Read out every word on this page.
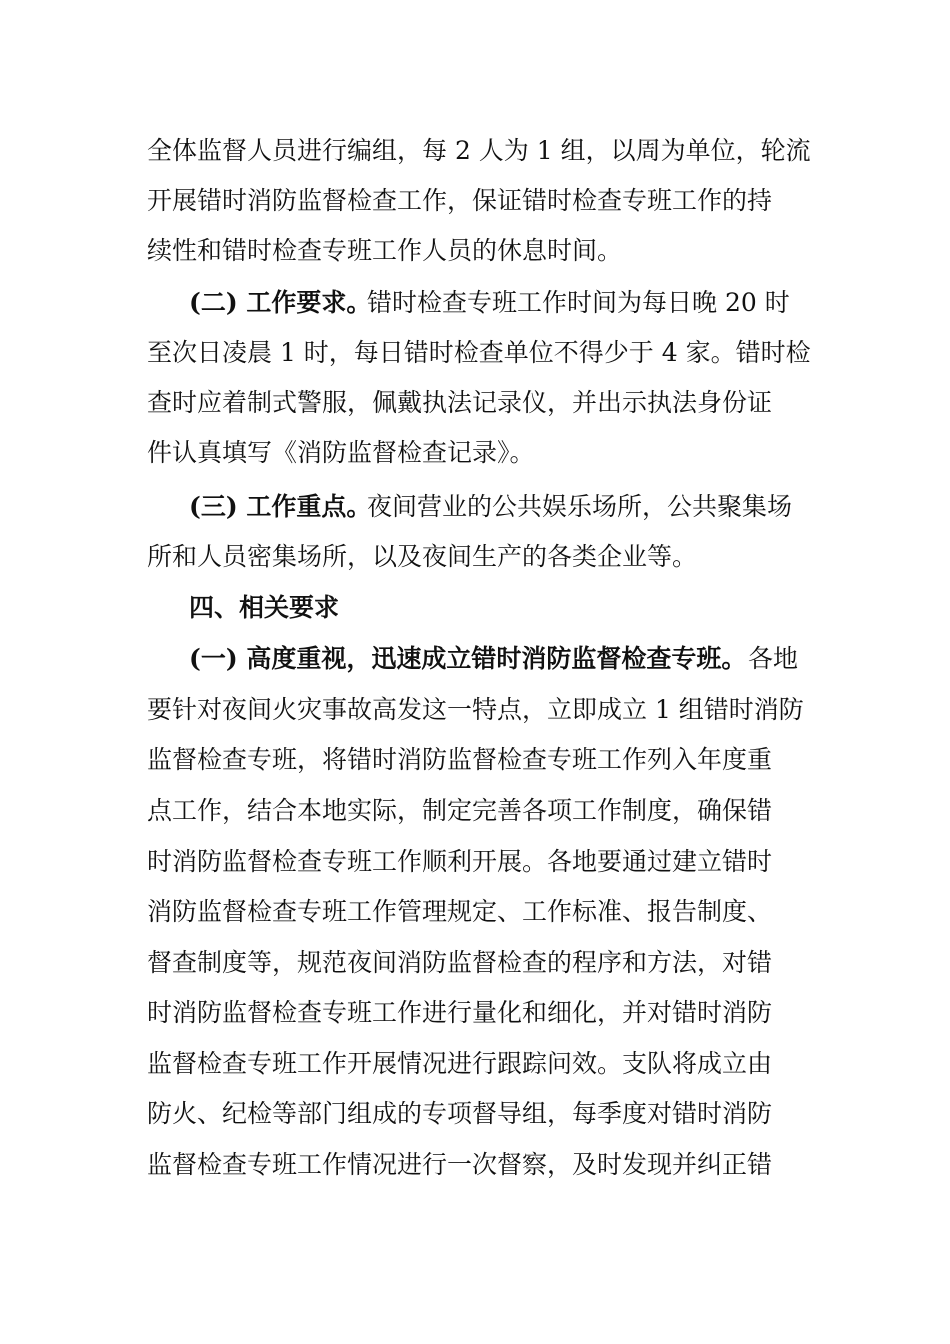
全体监督人员进行编组，每 2 人为 1 组，以周为单位，轮流
开展错时消防监督检查工作，保证错时检查专班工作的持
续性和错时检查专班工作人员的休息时间。
(二) 工作要求。
错时检查专班工作时间为每日晚 20 时
至次日凌晨 1 时，每日错时检查单位不得少于 4 家。错时检
查时应着制式警服，佩戴执法记录仪，并出示执法身份证
件认真填写《消防监督检查记录》。
(三) 工作重点。
夜间营业的公共娱乐场所，公共聚集场
所和人员密集场所，以及夜间生产的各类企业等。
四、相关要求
(一) 高度重视，迅速成立错时消防监督检查专班。 各地
要针对夜间火灾事故高发这一特点，立即成立 1 组错时消防
监督检查专班，将错时消防监督检查专班工作列入年度重
点工作，结合本地实际，制定完善各项工作制度，确保错
时消防监督检查专班工作顺利开展。各地要通过建立错时
消防监督检查专班工作管理规定、工作标准、报告制度、
督查制度等，规范夜间消防监督检查的程序和方法，对错
时消防监督检查专班工作进行量化和细化，并对错时消防
监督检查专班工作开展情况进行跟踪问效。支队将成立由
防火、纪检等部门组成的专项督导组，每季度对错时消防
监督检查专班工作情况进行一次督察，及时发现并纠正错
